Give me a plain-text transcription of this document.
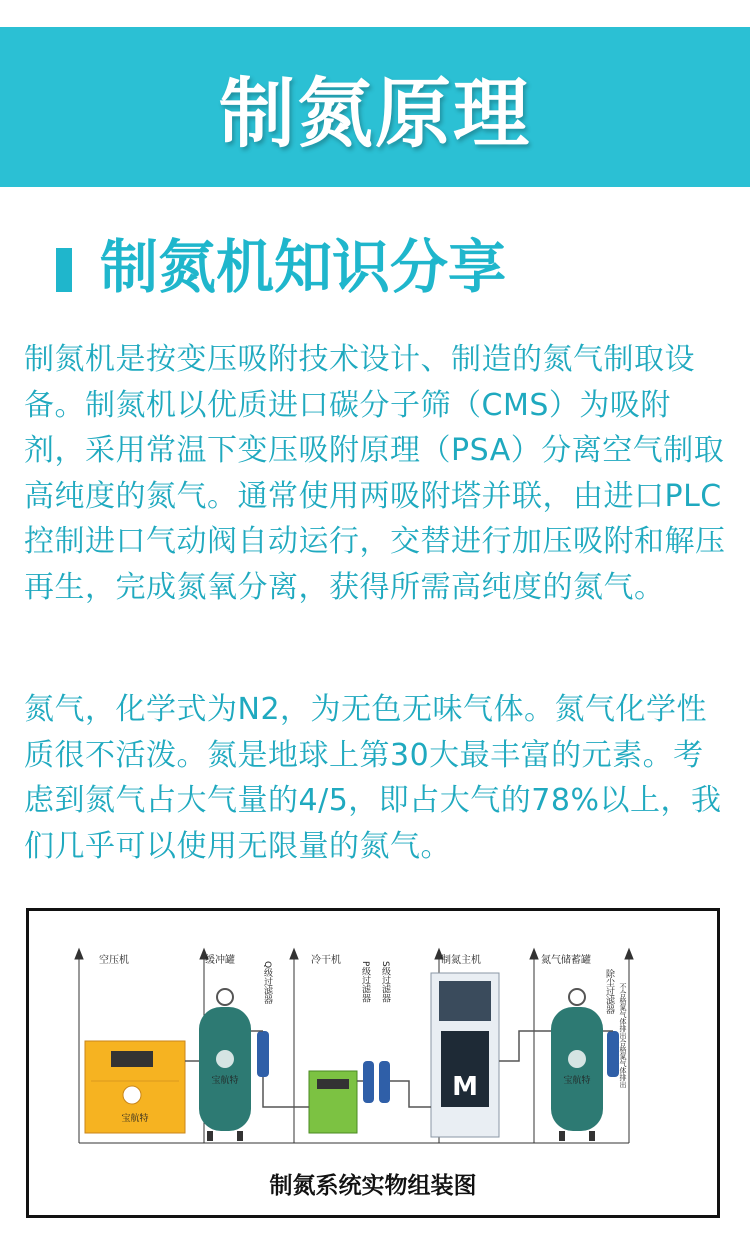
制氮原理
制氮机知识分享
制氮机是按变压吸附技术设计、制造的氮气制取设备。制氮机以优质进口碳分子筛（CMS）为吸附剂，采用常温下变压吸附原理（PSA）分离空气制取高纯度的氮气。通常使用两吸附塔并联，由进口PLC控制进口气动阀自动运行，交替进行加压吸附和解压再生，完成氮氧分离，获得所需高纯度的氮气。
氮气，化学式为N2，为无色无味气体。氮气化学性质很不活泼。氮是地球上第30大最丰富的元素。考虑到氮气占大气量的4/5，即占大气的78%以上，我们几乎可以使用无限量的氮气。
M
空压机	缓冲罐	冷干机	制氮主机	氮气储蓄罐
Q级过滤器	P级过滤器 S级过滤器	除尘过滤器 不合格氮气体排出
合格氮气体排出
宝航特
宝航特	宝航特
制氮系统实物组装图
